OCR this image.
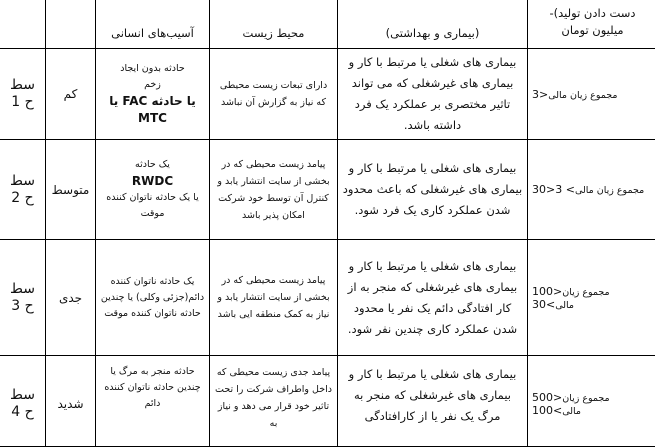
		آسیب‌های انسانی	محیط زیست	(بیماری و بهداشتی)	دست دادن تولید)-
میلیون تومان

سط
ح 1	کم	حادثه بدون ایجاد
زخم
یا حادثه FAC یا
MTC	دارای تبعات زیست محیطی که نیاز به گزارش آن نباشد	بیماری های شغلی یا مرتبط با کار و بیماری های غیرشغلی که می تواند تاثیر مختصری بر عملکرد یک فرد داشته باشد.	3>مجموع زیان مالی

سط
ح 2	متوسط	یک حادثه
RWDC
یا یک حادثه ناتوان کننده موقت	پیامد زیست محیطی که در بخشی از سایت انتشار یابد و کنترل آن توسط خود شرکت امکان پذیر باشد	بیماری های شغلی یا مرتبط با کار و بیماری های غیرشغلی که باعث محدود شدن عملکرد کاری یک فرد شود.	30> مجموع زیان مالی> 3

سط
ح 3	جدی	یک حادثه ناتوان کننده دائم(جزئی وکلی) یا چندین حادثه ناتوان کننده موقت	پیامد زیست محیطی که در بخشی از سایت انتشار یابد و نیاز به کمک منطقه ایی باشد	بیماری های شغلی یا مرتبط با کار و بیماری های غیرشغلی که منجر به از کار افتادگی دائم یک نفر یا محدود شدن عملکرد کاری چندین نفر شود.	100>مجموع زیان مالی>30

سط
ح 4	شدید	حادثه منجر به مرگ یا چندین حادثه ناتوان کننده دائم	پیامد جدی زیست محیطی که داخل واطراف شرکت را تحت تاثیر خود قرار می دهد و نیاز به	بیماری های شغلی یا مرتبط با کار و بیماری های غیرشغلی که منجر به مرگ یک نفر یا از کارافتادگی	500>مجموع زیان مالی>100
